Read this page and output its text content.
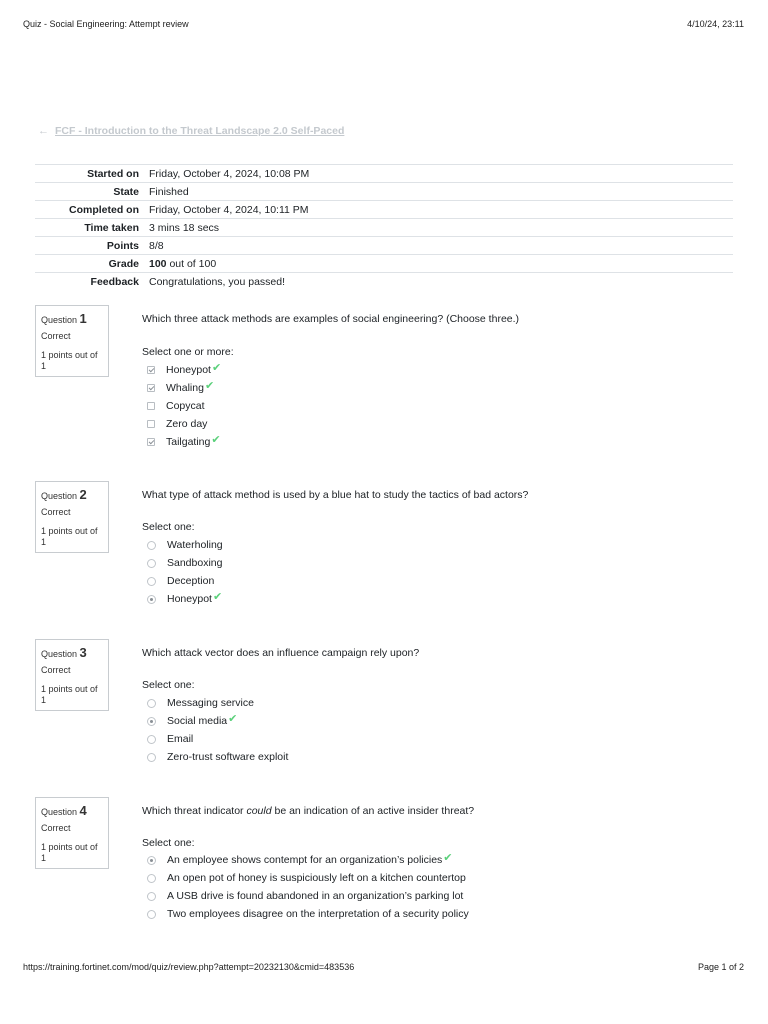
Quiz - Social Engineering: Attempt review	4/10/24, 23:11
← FCF - Introduction to the Threat Landscape 2.0 Self-Paced
Started on	Friday, October 4, 2024, 10:08 PM
State	Finished
Completed on	Friday, October 4, 2024, 10:11 PM
Time taken	3 mins 18 secs
Points	8/8
Grade	100 out of 100
Feedback	Congratulations, you passed!
Question 1
Correct
1 points out of 1
Which three attack methods are examples of social engineering? (Choose three.)
Select one or more:
Honeypot ✔
Whaling ✔
Copycat
Zero day
Tailgating ✔
Question 2
Correct
1 points out of 1
What type of attack method is used by a blue hat to study the tactics of bad actors?
Select one:
Waterholing
Sandboxing
Deception
Honeypot ✔
Question 3
Correct
1 points out of 1
Which attack vector does an influence campaign rely upon?
Select one:
Messaging service
Social media ✔
Email
Zero-trust software exploit
Question 4
Correct
1 points out of 1
Which threat indicator could be an indication of an active insider threat?
Select one:
An employee shows contempt for an organization’s policies ✔
An open pot of honey is suspiciously left on a kitchen countertop
A USB drive is found abandoned in an organization’s parking lot
Two employees disagree on the interpretation of a security policy
https://training.fortinet.com/mod/quiz/review.php?attempt=20232130&cmid=483536	Page 1 of 2
